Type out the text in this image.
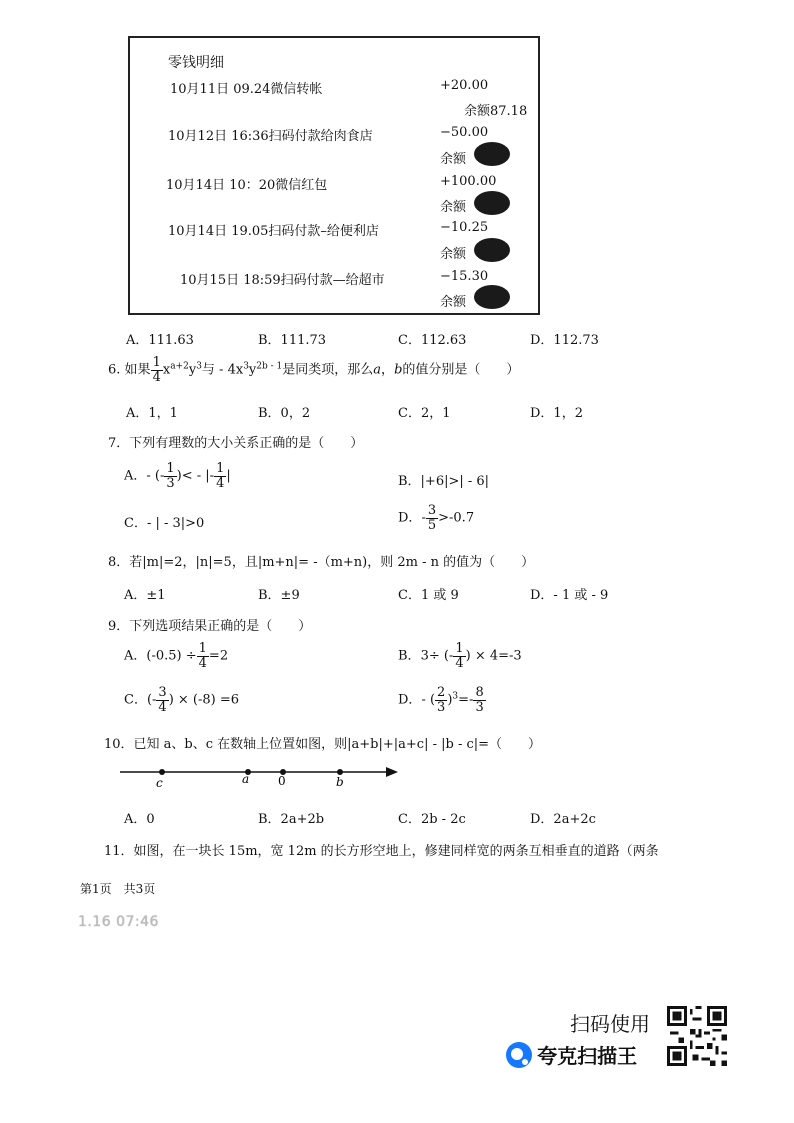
零钱明细
10月11日 09.24微信转帐	+20.00
余额87.18
10月12日 16:36扫码付款给肉食店	−50.00
余额
10月14日 10：20微信红包	+100.00
余额
10月14日 19.05扫码付款–给便利店	−10.25
余额
10月15日 18:59扫码付款—给超市	−15.30
余额
A．111.63	B．111.73	C．112.63	D．112.73
6. 如果 $\frac{1}{4} x^{a+2}y^3$与 - $4x^3y^{2b - 1}$是同类项，那么a，b的值分别是（　　）
A．1，1	B．0，2	C．2，1	D．1，2
7．下列有理数的大小关系正确的是（　　）
A．- (- $\frac{1}{3}$ )< - |- $\frac{1}{4}$ |	B．|+6|>| - 6|
C．- | - 3|>0	D．- $\frac{3}{5} >-0.7$
8．若|m|=2，|n|=5，且|m+n|= -（m+n)，则 2m - n 的值为（　　）
A．±1	B．±9	C．1 或 9	D．- 1 或 - 9
9．下列选项结果正确的是（　　）
A．$(-0.5) \div \frac{1}{4} =2$	B．3÷ (- $\frac{1}{4}$ ) × 4=-3
C．(- $\frac{3}{4}$ ) × (-8) =6	D．- ( $\frac{2}{3} )^3=- \frac{8}{3}$
10．已知 a、b、c 在数轴上位置如图，则|a+b|+|a+c| - |b - c|=（　　）
c	a 0	b
A．0	B．2a+2b	C．2b - 2c	D．2a+2c
11．如图，在一块长 15m，宽 12m 的长方形空地上，修建同样宽的两条互相垂直的道路（两条
第1页　共3页
1.16 07:46
扫码使用
夸克扫描王
